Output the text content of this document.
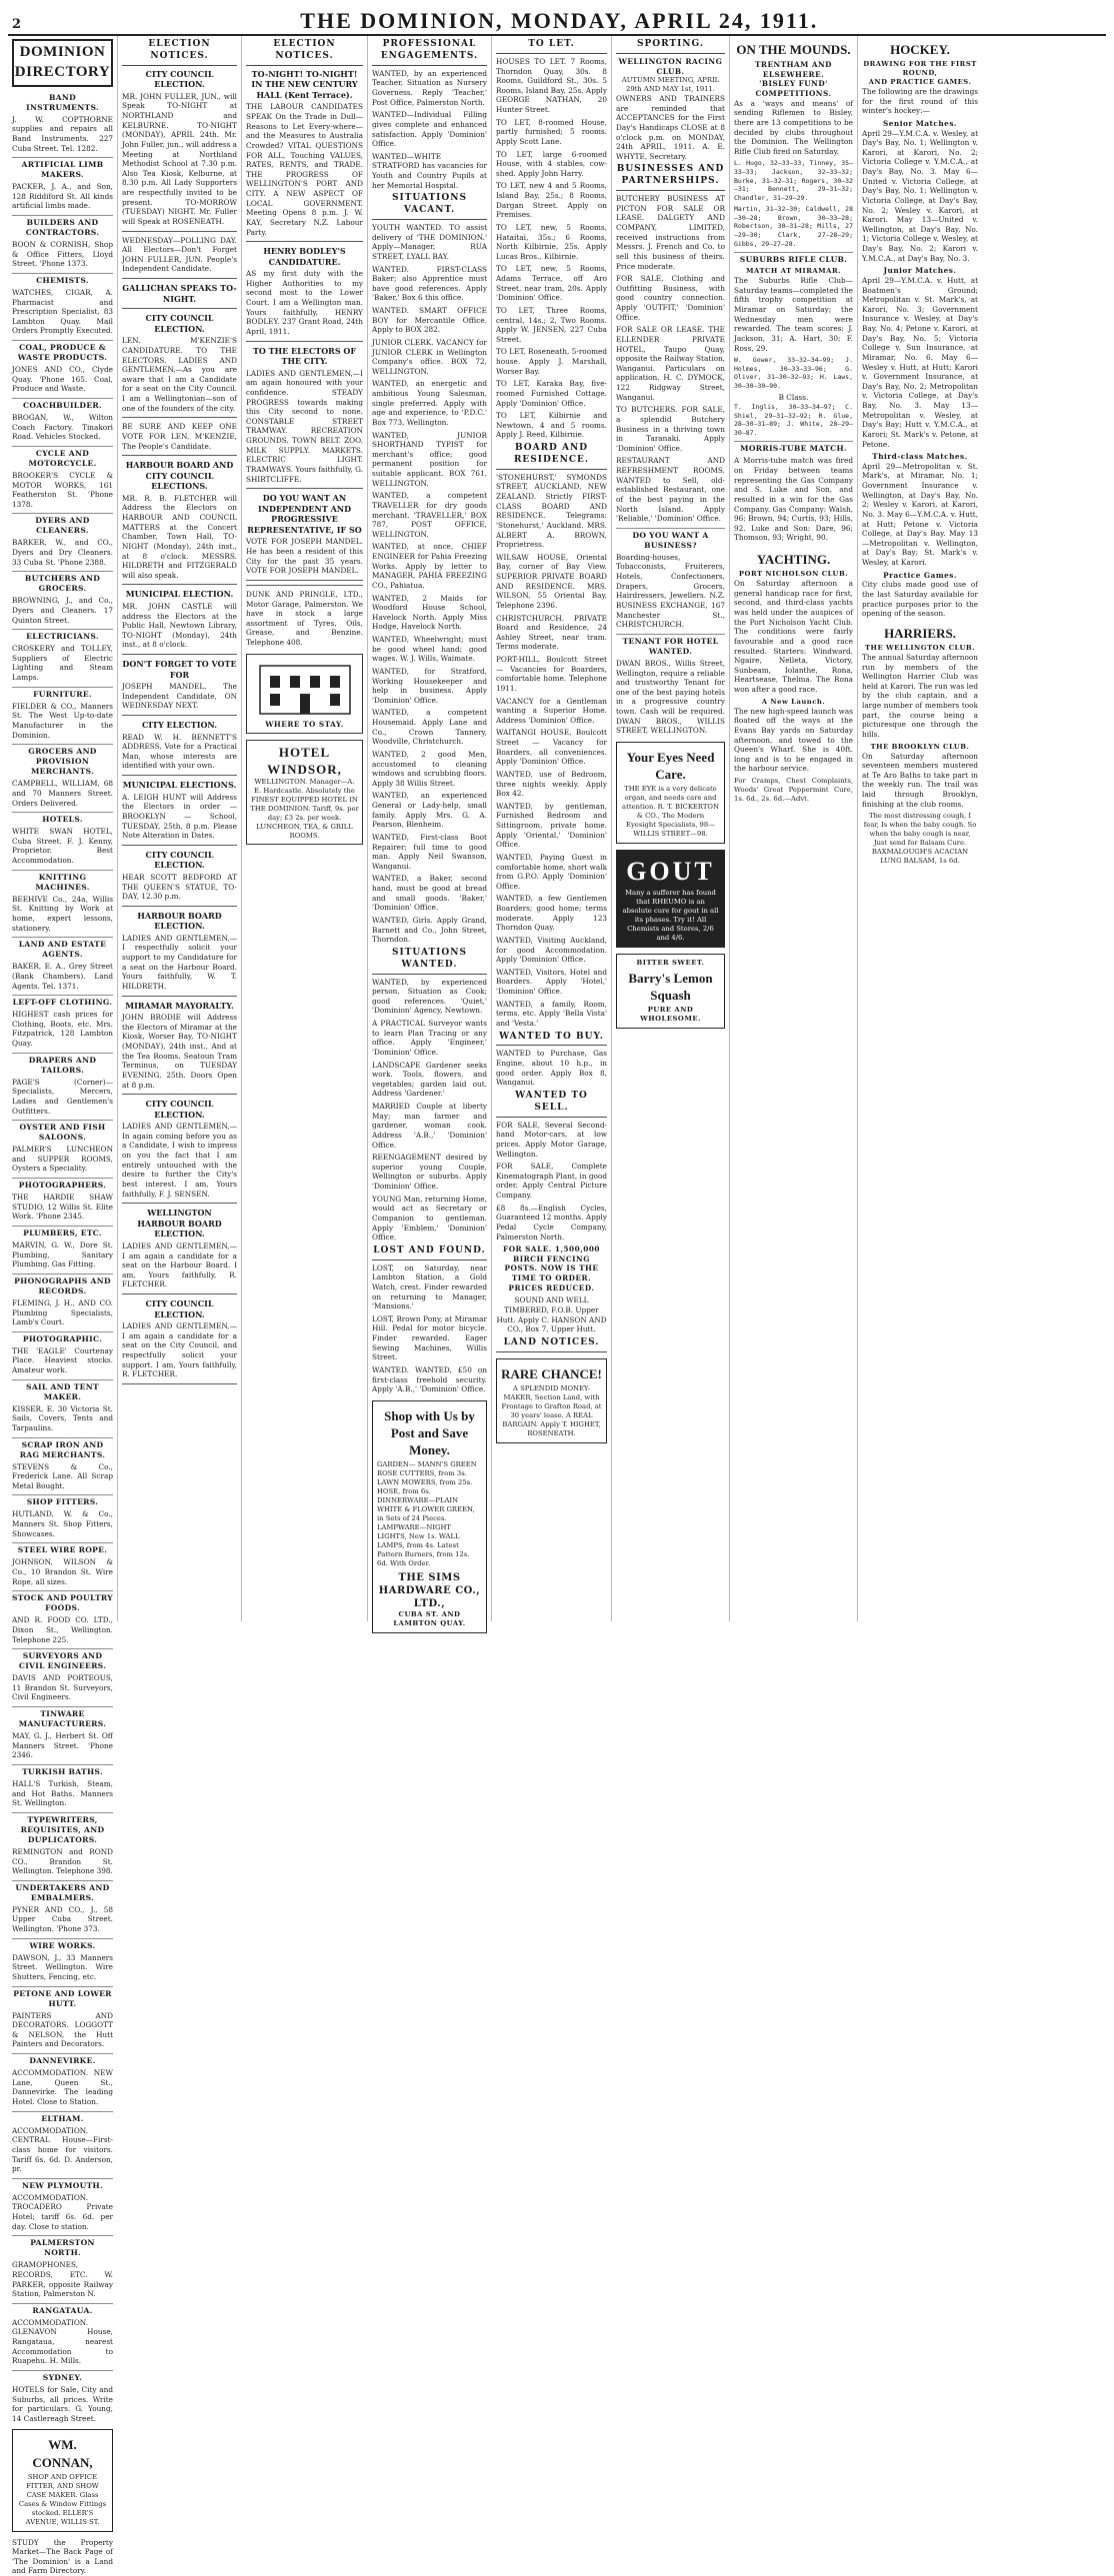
2	THE DOMINION, MONDAY, APRIL 24, 1911.

DOMINION DIRECTORY
BAND INSTRUMENTS.
J. W. COPTHORNE supplies and repairs all Band Instruments. 227 Cuba Street. Tel. 1282.
ARTIFICIAL LIMB MAKERS.
PACKER, J. A., and Son, 128 Riddiford St. All kinds artificial limbs made.
BUILDERS AND CONTRACTORS.
BOON & CORNISH, Shop & Office Fitters, Lloyd Street. 'Phone 1373.
CHEMISTS.
WATCHES, CIGAR, A. Pharmacist and Prescription Specialist, 83 Lambton Quay. Mail Orders Promptly Executed.
COAL, PRODUCE & WASTE PRODUCTS.
JONES AND CO., Clyde Quay. 'Phone 165. Coal, Produce and Waste.
COACHBUILDER.
BROGAN, W., Wilton Coach Factory. Tinakori Road. Vehicles Stocked.
CYCLE AND MOTORCYCLE.
BROOKER'S CYCLE & MOTOR WORKS, 161 Featherston St. 'Phone 1378.
DYERS AND CLEANERS.
BARKER, W., and CO., Dyers and Dry Cleaners. 33 Cuba St. 'Phone 2388.
BUTCHERS AND GROCERS.
BROWNING, J., and Co., Dyers and Cleaners. 17 Quinton Street.
ELECTRICIANS.
CROSKERY and TOLLEY, Suppliers of Electric Lighting and Steam Lamps.
FURNITURE.
FIELDER & CO., Manners St. The West Up-to-date Manufacturer in the Dominion.
GROCERS AND PROVISION MERCHANTS.
CAMPBELL, WILLIAM, 68 and 70 Manners Street. Orders Delivered.
HOTELS.
WHITE SWAN HOTEL, Cuba Street. F. J. Kenny, Proprietor. Best Accommodation.
KNITTING MACHINES.
BEEHIVE Co., 24a, Willis St. Knitting by Work at home, expert lessons, stationery.
LAND AND ESTATE AGENTS.
BAKER, E. A., Grey Street (Bank Chambers). Land Agents. Tel. 1371.
LEFT-OFF CLOTHING.
HIGHEST cash prices for Clothing, Boots, etc. Mrs. Fitzpatrick, 128 Lambton Quay.
DRAPERS AND TAILORS.
PAGE'S (Corner)—Specialists, Mercers, Ladies and Gentlemen's Outfitters.
OYSTER AND FISH SALOONS.
PALMER'S LUNCHEON and SUPPER ROOMS, Oysters a Speciality.
PHOTOGRAPHERS.
THE HARDIE SHAW STUDIO, 12 Willis St. Elite Work. 'Phone 2345.
PLUMBERS, ETC.
MARVIN, G. W., Dore St. Plumbing, Sanitary Plumbing. Gas Fitting.
PHONOGRAPHS AND RECORDS.
FLEMING, J. H., AND CO. Plumbing Specialists, Lamb's Court.
PHOTOGRAPHIC.
THE 'EAGLE' Courtenay Place. Heaviest stocks. Amateur work.
SAIL AND TENT MAKER.
KISSER, E. 30 Victoria St. Sails, Covers, Tents and Tarpaulins.
SCRAP IRON AND RAG MERCHANTS.
STEVENS & Co., Frederick Lane. All Scrap Metal Bought.
SHOP FITTERS.
HUTLAND, W. & Co., Manners St. Shop Fitters, Showcases.
STEEL WIRE ROPE.
JOHNSON, WILSON & Co., 10 Brandon St. Wire Rope, all sizes.
STOCK AND POULTRY FOODS.
AND R. FOOD CO. LTD., Dixon St., Wellington. Telephone 225.
SURVEYORS AND CIVIL ENGINEERS.
DAVIS AND PORTEOUS, 11 Brandon St. Surveyors, Civil Engineers.
TINWARE MANUFACTURERS.
MAY, G. J., Herbert St. Off Manners Street. 'Phone 2346.
TURKISH BATHS.
HALL'S Turkish, Steam, and Hot Baths. Manners St. Wellington.
TYPEWRITERS, REQUISITES, AND DUPLICATORS.
REMINGTON and ROND CO., Brandon St. Wellington. Telephone 398.
UNDERTAKERS AND EMBALMERS.
PYNER AND CO., J., 58 Upper Cuba Street. Wellington. 'Phone 373.
WIRE WORKS.
DAWSON, J., 33 Manners Street. Wellington. Wire Shutters, Fencing, etc.
PETONE AND LOWER HUTT.
PAINTERS AND DECORATORS. LOGGOTT & NELSON, the Hutt Painters and Decorators.
DANNEVIRKE.
ACCOMMODATION. NEW Lane, Queen St., Dannevirke. The leading Hotel. Close to Station.
ELTHAM.
ACCOMMODATION. CENTRAL House—First-class home for visitors. Tariff 6s. 6d. D. Anderson, pr.
NEW PLYMOUTH.
ACCOMMODATION. TROCADERO Private Hotel; tariff 6s. 6d. per day. Close to station.
PALMERSTON NORTH.
GRAMOPHONES, RECORDS, ETC. W. PARKER, opposite Railway Station, Palmerston N.
RANGATAUA.
ACCOMMODATION. GLENAVON House, Rangataua, nearest Accommodation to Ruapehu. H. Mills.
SYDNEY.
HOTELS for Sale, City and Suburbs, all prices. Write for particulars. G. Young, 14 Castlereagh Street.
WM. CONNAN,
SHOP AND OFFICE FITTER, AND SHOW CASE MAKER. Glass Cases & Window Fittings stocked. ELLER'S AVENUE, WILLIS ST.
STUDY the Property Market—The Back Page of 'The Dominion' is a Land and Farm Directory.
ELECTION NOTICES.
CITY COUNCIL ELECTION.
MR. JOHN FULLER, JUN., will Speak TO-NIGHT at NORTHLAND and KELBURNE. TO-NIGHT (MONDAY), APRIL 24th. Mr. John Fuller, jun., will address a Meeting at Northland Methodist School at 7.30 p.m. Also Tea Kiosk, Kelburne, at 8.30 p.m. All Lady Supporters are respectfully invited to be present. TO-MORROW (TUESDAY) NIGHT. Mr. Fuller will Speak at ROSENEATH.
WEDNESDAY—POLLING DAY. All Electors—Don't Forget JOHN FULLER, JUN. People's Independent Candidate.
GALLICHAN SPEAKS TO-NIGHT.
CITY COUNCIL ELECTION.
LEN. M'KENZIE'S CANDIDATURE. TO THE ELECTORS. LADIES AND GENTLEMEN,—As you are aware that I am a Candidate for a seat on the City Council. I am a Wellingtonian—son of one of the founders of the city.
BE SURE AND KEEP ONE VOTE FOR LEN. M'KENZIE, The People's Candidate.
HARBOUR BOARD AND CITY COUNCIL ELECTIONS.
MR. R. B. FLETCHER will Address the Electors on HARBOUR AND COUNCIL MATTERS at the Concert Chamber, Town Hall, TO-NIGHT (Monday), 24th inst., at 8 o'clock. MESSRS. HILDRETH and FITZGERALD will also speak.
MUNICIPAL ELECTION.
MR. JOHN CASTLE will address the Electors at the Public Hall, Newtown Library, TO-NIGHT (Monday), 24th inst., at 8 o'clock.
DON'T FORGET TO VOTE FOR
JOSEPH MANDEL, The Independent Candidate, ON WEDNESDAY NEXT.
CITY ELECTION.
READ W. H. BENNETT'S ADDRESS, Vote for a Practical Man, whose interests are identified with your own.
MUNICIPAL ELECTIONS.
A. LEIGH HUNT will Address the Electors in order — BROOKLYN — School, TUESDAY, 25th, 8 p.m. Please Note Alteration in Dates.
CITY COUNCIL ELECTION.
HEAR SCOTT BEDFORD AT THE QUEEN'S STATUE, TO-DAY, 12.30 p.m.
HARBOUR BOARD ELECTION.
LADIES AND GENTLEMEN,—I respectfully solicit your support to my Candidature for a seat on the Harbour Board. Yours faithfully, W. T. HILDRETH.
MIRAMAR MAYORALTY.
JOHN BRODIE will Address the Electors of Miramar at the Kiosk, Worser Bay, TO-NIGHT (MONDAY), 24th inst., And at the Tea Rooms, Seatoun Tram Terminus, on TUESDAY EVENING, 25th. Doors Open at 8 p.m.
CITY COUNCIL ELECTION.
LADIES AND GENTLEMEN,—In again coming before you as a Candidate, I wish to impress on you the fact that I am entirely untouched with the desire to further the City's best interest. I am, Yours faithfully, F. J. SENSEN.
WELLINGTON HARBOUR BOARD ELECTION.
LADIES AND GENTLEMEN,—I am again a candidate for a seat on the Harbour Board. I am, Yours faithfully, R. FLETCHER.
CITY COUNCIL ELECTION.
LADIES AND GENTLEMEN,— I am again a candidate for a seat on the City Council, and respectfully solicit your support. I am, Yours faithfully, R. FLETCHER.
ELECTION NOTICES.
TO-NIGHT! TO-NIGHT! IN THE NEW CENTURY HALL (Kent Terrace).
THE LABOUR CANDIDATES SPEAK On the Trade in Dull—Reasons to Let Every-where—and the Measures to Australia Crowded? VITAL QUESTIONS FOR ALL, Touching VALUES, RATES, RENTS, and TRADE. THE PROGRESS OF WELLINGTON'S PORT AND CITY. A NEW ASPECT OF LOCAL GOVERNMENT. Meeting Opens 8 p.m. J. W. KAY, Secretary N.Z. Labour Party.
HENRY BODLEY'S CANDIDATURE.
AS my first duty with the Higher Authorities to my second most to the Lower Court. I am a Wellington man. Yours faithfully, HENRY BODLEY. 237 Grant Road, 24th April, 1911.
TO THE ELECTORS OF THE CITY.
LADIES AND GENTLEMEN,—I am again honoured with your confidence. STEADY PROGRESS towards making this City second to none. CONSTABLE STREET TRAMWAY. RECREATION GROUNDS. TOWN BELT. ZOO. MILK SUPPLY. MARKETS. ELECTRIC LIGHT. TRAMWAYS. Yours faithfully, G. SHIRTCLIFFE.
DO YOU WANT AN INDEPENDENT AND PROGRESSIVE REPRESENTATIVE, IF SO
VOTE FOR JOSEPH MANDEL. He has been a resident of this City for the past 35 years. VOTE FOR JOSEPH MANDEL.
DUNK AND PRINGLE, LTD., Motor Garage, Palmerston. We have in stock a large assortment of Tyres, Oils, Grease, and Benzine. Telephone 408.
WHERE TO STAY.
HOTEL WINDSOR,
WELLINGTON. Manager—A. E. Hardcastle. Absolutely the FINEST EQUIPPED HOTEL IN THE DOMINION. Tariff, 9s. per day; £3 2s. per week. LUNCHEON, TEA, & GRILL ROOMS.
PROFESSIONAL ENGAGEMENTS.
WANTED, by an experienced Teacher, Situation as Nursery Governess. Reply 'Teacher,' Post Office, Palmerston North.
WANTED—Individual Filling gives complete and enhanced satisfaction. Apply 'Dominion' Office.
WANTED—WHITE STRATFORD has vacancies for Youth and Country Pupils at her Memorial Hospital.
SITUATIONS VACANT.
YOUTH WANTED. TO assist delivery of 'THE DOMINION.' Apply—Manager, RUA STREET, LYALL BAY.
WANTED. FIRST-CLASS Baker; also Apprentice must have good references. Apply 'Baker,' Box 6 this office.
WANTED. SMART OFFICE BOY for Mercantile Office. Apply to BOX 282.
JUNIOR CLERK. VACANCY for JUNIOR CLERK in Wellington Company's office. BOX 72, WELLINGTON.
WANTED, an energetic and ambitious Young Salesman, single preferred. Apply with age and experience, to 'P.D.C.' Box 773, Wellington.
WANTED, JUNIOR SHORTHAND TYPIST for merchant's office; good permanent position for suitable applicant. BOX 761, WELLINGTON.
WANTED, a competent TRAVELLER for dry goods merchant. 'TRAVELLER,' BOX 787, POST OFFICE, WELLINGTON.
WANTED, at once, CHIEF ENGINEER for Pahia Freezing Works. Apply by letter to MANAGER, PAHIA FREEZING CO., Pahiatua.
WANTED, 2 Maids for Woodford House School, Havelock North. Apply Miss Hodge, Havelock North.
WANTED, Wheelwright; must be good wheel hand; good wages. W. J. Wills, Waimate.
WANTED, for Stratford, Working Housekeeper and help in business. Apply 'Dominion' Office.
WANTED, a competent Housemaid. Apply Lane and Co., Crown Tannery, Woodville, Christchurch.
WANTED, 2 good Men, accustomed to cleaning windows and scrubbing floors. Apply 38 Willis Street.
WANTED, an experienced General or Lady-help, small family. Apply Mrs. G. A. Pearson, Blenheim.
WANTED, First-class Boot Repairer; full time to good man. Apply Neil Swanson, Wanganui.
WANTED, a Baker, second hand, must be good at bread and small goods. 'Baker,' 'Dominion' Office.
WANTED, Girls. Apply Grand, Barnett and Co., John Street, Thorndon.
SITUATIONS WANTED.
WANTED, by experienced person, Situation as Cook; good references. 'Quiet,' 'Dominion' Agency, Newtown.
A PRACTICAL Surveyor wants to learn Plan Tracing or any office. Apply 'Engineer,' 'Dominion' Office.
LANDSCAPE Gardener seeks work. Tools, flowers, and vegetables; garden laid out. Address 'Gardener.'
MARRIED Couple at liberty May; man farmer and gardener, woman cook. Address 'A.B.,' 'Dominion' Office.
REENGAGEMENT desired by superior young Couple, Wellington or suburbs. Apply 'Dominion' Office.
YOUNG Man, returning Home, would act as Secretary or Companion to gentleman. Apply 'Emblem,' 'Dominion' Office.
LOST AND FOUND.
LOST, on Saturday, near Lambton Station, a Gold Watch, crest. Finder rewarded on returning to Manager, 'Mansions.'
LOST, Brown Pony, at Miramar Hill. Pedal for motor bicycle. Finder rewarded. Eager Sewing Machines, Willis Street.
WANTED. WANTED, £50 on first-class freehold security. Apply 'A.B.,' 'Dominion' Office.
Shop with Us by Post and Save Money.
GARDEN— MANN'S GREEN ROSE CUTTERS, from 3s. LAWN MOWERS, from 25s. HOSE, from 6s. DINNERWARE—PLAIN WHITE & FLOWER GREEN, in Sets of 24 Pieces. LAMPWARE—NIGHT LIGHTS, New 1s. WALL LAMPS, from 4s. Latest Pattern Burners, from 12s. 6d. With Order.
THE SIMS HARDWARE CO., LTD.,
CUBA ST. AND LAMBTON QUAY.
TO LET.
HOUSES TO LET. 7 Rooms, Thorndon Quay, 30s. 8 Rooms, Guildford St., 30s. 5 Rooms, Island Bay, 25s. Apply GEORGE NATHAN, 20 Hunter Street.
TO LET, 8-roomed House, partly furnished; 5 rooms. Apply Scott Lane.
TO LET, large 6-roomed House, with 4 stables, cow-shed. Apply John Harry.
TO LET, new 4 and 5 Rooms, Island Bay, 25s.; 8 Rooms, Dargan Street. Apply on Premises.
TO LET, new, 5 Rooms, Hataitai, 35s.; 6 Rooms, North Kilbirnie, 25s. Apply Lucas Bros., Kilbirnie.
TO LET, new, 5 Rooms, Adams Terrace, off Aro Street, near tram, 20s. Apply 'Dominion' Office.
TO LET, Three Rooms, central, 14s.; 2, Two Rooms. Apply W. JENSEN, 227 Cuba Street.
TO LET, Roseneath, 5-roomed house. Apply J. Marshall, Worser Bay.
TO LET, Karaka Bay, five-roomed Furnished Cottage. Apply 'Dominion' Office.
TO LET, Kilbirnie and Newtown, 4 and 5 rooms. Apply J. Reed, Kilbirnie.
BOARD AND RESIDENCE.
'STONEHURST,' SYMONDS STREET, AUCKLAND, NEW ZEALAND. Strictly FIRST-CLASS BOARD AND RESIDENCE. Telegrams: 'Stonehurst,' Auckland. MRS. ALBERT A. BROWN, Proprietress.
WILSAW HOUSE, Oriental Bay, corner of Bay View. SUPERIOR PRIVATE BOARD AND RESIDENCE. MRS. WILSON, 55 Oriental Bay. Telephone 2396.
CHRISTCHURCH. PRIVATE Board and Residence, 24 Ashley Street, near tram. Terms moderate.
PORT-HILL, Boulcott Street — Vacancies for Boarders, comfortable home. Telephone 1911.
VACANCY for a Gentleman wanting a Superior Home. Address 'Dominion' Office.
WAITANGI HOUSE, Boulcott Street — Vacancy for Boarders, all conveniences. Apply 'Dominion' Office.
WANTED, use of Bedroom, three nights weekly. Apply Box 42.
WANTED, by gentleman, Furnished Bedroom and Sittingroom, private home. Apply 'Oriental,' 'Dominion' Office.
WANTED, Paying Guest in comfortable home, short walk from G.P.O. Apply 'Dominion' Office.
WANTED, a few Gentlemen Boarders; good home; terms moderate. Apply 123 Thorndon Quay.
WANTED, Visiting Auckland, for good Accommodation. Apply 'Dominion' Office.
WANTED, Visitors, Hotel and Boarders. Apply 'Hotel,' 'Dominion' Office.
WANTED, a family, Room, terms, etc. Apply 'Bella Vista' and 'Vesta.'
WANTED TO BUY.
WANTED to Purchase, Gas Engine, about 10 h.p., in good order. Apply Box 8, Wanganui.
WANTED TO SELL.
FOR SALE, Several Second-hand Motor-cars, at low prices. Apply Motor Garage, Wellington.
FOR SALE, Complete Kinematograph Plant, in good order. Apply Central Picture Company.
£8 8s.—English Cycles, Guaranteed 12 months. Apply Pedal Cycle Company, Palmerston North.
FOR SALE. 1,500,000 BIRCH FENCING POSTS. NOW IS THE TIME TO ORDER. PRICES REDUCED.
SOUND AND WELL TIMBERED, F.O.B. Upper Hutt. Apply C. HANSON AND CO., Box 7, Upper Hutt.
LAND NOTICES.
RARE CHANCE!
A SPLENDID MONEY-MAKER, Section Land, with Frontage to Grafton Road, at 30 years' lease. A REAL BARGAIN. Apply T. HIGHET, ROSENEATH.
SPORTING.
WELLINGTON RACING CLUB.
AUTUMN MEETING, APRIL 29th AND MAY 1st, 1911.
OWNERS AND TRAINERS are reminded that ACCEPTANCES for the First Day's Handicaps CLOSE at 8 o'clock p.m. on MONDAY, 24th APRIL, 1911. A. E. WHYTE, Secretary.
BUSINESSES AND PARTNERSHIPS.
BUTCHERY BUSINESS AT PICTON FOR SALE OR LEASE. DALGETY AND COMPANY, LIMITED, received instructions from Messrs. J. French and Co. to sell this business of theirs. Price moderate.
FOR SALE, Clothing and Outfitting Business, with good country connection. Apply 'OUTFIT,' 'Dominion' Office.
FOR SALE OR LEASE. THE ELLENDER PRIVATE HOTEL, Taupo Quay, opposite the Railway Station, Wanganui. Particulars on application. H. C. DYMOCK, 122 Ridgway Street, Wanganui.
TO BUTCHERS. FOR SALE, a splendid Butchery Business in a thriving town in Taranaki. Apply 'Dominion' Office.
RESTAURANT AND REFRESHMENT ROOMS. WANTED to Sell, old-established Restaurant, one of the best paying in the North Island. Apply 'Reliable,' 'Dominion' Office.
DO YOU WANT A BUSINESS?
Boarding-houses, Tobacconists, Fruiterers, Hotels, Confectioners, Drapers, Grocers, Hairdressers, Jewellers. N.Z. BUSINESS EXCHANGE, 167 Manchester St., CHRISTCHURCH.
TENANT FOR HOTEL WANTED.
DWAN BROS., Willis Street, Wellington, require a reliable and trustworthy Tenant for one of the best paying hotels in a progressive country town. Cash will be required. DWAN BROS., WILLIS STREET, WELLINGTON.
Your Eyes Need Care.
THE EYE is a very delicate organ, and needs care and attention. R. T. BICKERTON & CO., The Modern Eyesight Specialists, 98—WILLIS STREET—98.
GOUT
Many a sufferer has found that RHEUMO is an absolute cure for gout in all its phases. Try it! All Chemists and Stores, 2/6 and 4/6.
BITTER SWEET.
Barry's Lemon Squash
PURE AND WHOLESOME.
ON THE MOUNDS.
TRENTHAM AND ELSEWHERE.
'BISLEY FUND' COMPETITIONS.
As a 'ways and means' of sending Riflemen to Bisley, there are 13 competitions to be decided by clubs throughout the Dominion. The Wellington Rifle Club fired on Saturday.
L. Hugo, 32—33—33, Tinney, 35—33—33; Jackson, 32—33—32; Burke, 31—32—31; Rogers, 30—32—31; Bennett, 29—31—32; Chandler, 31—29—29.
Martin, 31—32—30; Caldwell, 28—30—28; Brown, 30—33—28; Robertson, 30—31—28; Mills, 27—29—30; Clark, 27—28—29; Gibbs, 29—27—28.
SUBURBS RIFLE CLUB.
MATCH AT MIRAMAR.
The Suburbs Rifle Club—Saturday teams—completed the fifth trophy competition at Miramar on Saturday; the Wednesday men were rewarded. The team scores: J. Jackson, 31; A. Hart, 30; F. Ross, 29.
W. Gower, 33—32—34—99; J. Holmes, 30—33—33—96; G. Oliver, 31—30—32—93; H. Laws, 30—30—30—90.
B Class.
T. Inglis, 30—33—34—97; C. Shiel, 29—31—32—92; R. Glue, 28—30—31—89; J. White, 28—29—30—87.
MORRIS-TUBE MATCH.
A Morris-tube match was fired on Friday between teams representing the Gas Company and S. Luke and Son, and resulted in a win for the Gas Company. Gas Company: Walsh, 96; Brown, 94; Curtis, 93; Hills, 92. Luke and Son: Dare, 96; Thomson, 93; Wright, 90.
YACHTING.
PORT NICHOLSON CLUB.
On Saturday afternoon a general handicap race for first, second, and third-class yachts was held under the auspices of the Port Nicholson Yacht Club. The conditions were fairly favourable and a good race resulted. Starters: Windward, Ngaire, Nelleta, Victory, Sunbeam, Iolanthe, Rona, Heartsease, Thelma. The Rona won after a good race.
A New Launch.
The new high-speed launch was floated off the ways at the Evans Bay yards on Saturday afternoon, and towed to the Queen's Wharf. She is 40ft. long and is to be engaged in the harbour service.
For Cramps, Chest Complaints, Woods' Great Peppermint Cure, 1s. 6d., 2s. 6d.—Advt.
HOCKEY.
DRAWING FOR THE FIRST ROUND,
AND PRACTICE GAMES.
The following are the drawings for the first round of this winter's hockey:—
Senior Matches.
April 29—Y.M.C.A. v. Wesley, at Day's Bay, No. 1; Wellington v. Karori, at Karori, No. 2; Victoria College v. Y.M.C.A., at Day's Bay, No. 3. May 6—United v. Victoria College, at Day's Bay, No. 1; Wellington v. Victoria College, at Day's Bay, No. 2; Wesley v. Karori, at Karori. May 13—United v. Wellington, at Day's Bay, No. 1; Victoria College v. Wesley, at Day's Bay, No. 2; Karori v. Y.M.C.A., at Day's Bay, No. 3.
Junior Matches.
April 29—Y.M.C.A. v. Hutt, at Boatmen's Ground; Metropolitan v. St. Mark's, at Karori, No. 3; Government Insurance v. Wesley, at Day's Bay, No. 4; Petone v. Karori, at Day's Bay, No. 5; Victoria College v. Sun Insurance, at Miramar, No. 6. May 6—Wesley v. Hutt, at Hutt; Karori v. Government Insurance, at Day's Bay, No. 2; Metropolitan v. Victoria College, at Day's Bay, No. 3. May 13—Metropolitan v. Wesley, at Day's Bay; Hutt v. Y.M.C.A., at Karori; St. Mark's v. Petone, at Petone.
Third-class Matches.
April 29—Metropolitan v. St. Mark's, at Miramar, No. 1; Government Insurance v. Wellington, at Day's Bay, No. 2; Wesley v. Karori, at Karori, No. 3. May 6—Y.M.C.A. v. Hutt, at Hutt; Petone v. Victoria College, at Day's Bay. May 13—Metropolitan v. Wellington, at Day's Bay; St. Mark's v. Wesley, at Karori.
Practice Games.
City clubs made good use of the last Saturday available for practice purposes prior to the opening of the season.
HARRIERS.
THE WELLINGTON CLUB.
The annual Saturday afternoon run by members of the Wellington Harrier Club was held at Karori. The run was led by the club captain, and a large number of members took part, the course being a picturesque one through the hills.
THE BROOKLYN CLUB.
On Saturday afternoon seventeen members mustered at Te Aro Baths to take part in the weekly run. The trail was laid through Brooklyn, finishing at the club rooms.
The most distressing cough, I fear, Is when the baby cough. So when the baby cough is near, Just send for Balsam Cure. BAXMALOUGH'S ACACIAN LUNG BALSAM, 1s 6d.
